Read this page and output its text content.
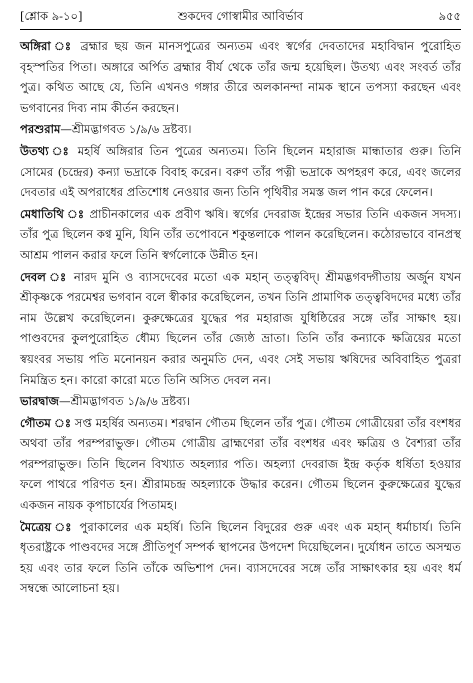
[শ্লোক ৯-১০]	৯৫৫
শুকদেব গোস্বামীর আবির্ভাব

অঙ্গিরা ঃ ব্রহ্মার ছয় জন মানসপুত্রের অন্যতম এবং স্বর্গের দেবতাদের মহাবিদ্বান পুরোহিত বৃহস্পতির পিতা। অঙ্গারে অর্পিত ব্রহ্মার বীর্য থেকে তাঁর জন্ম হয়েছিল। উতথ্য এবং সংবর্ত তাঁর পুত্র। কথিত আছে যে, তিনি এখনও গঙ্গার তীরে অলকানন্দা নামক স্থানে তপস্যা করছেন এবং ভগবানের দিব্য নাম কীর্তন করছেন।

পরশুরাম—শ্রীমদ্ভাগবত ১/৯/৬ দ্রষ্টব্য।

উতথ্য ঃ মহর্ষি অঙ্গিরার তিন পুত্রের অন্যতম। তিনি ছিলেন মহারাজ মান্ধাতার গুরু। তিনি সোমের (চন্দ্রের) কন্যা ভদ্রাকে বিবাহ করেন। বরুণ তাঁর পত্নী ভদ্রাকে অপহরণ করে, এবং জলের দেবতার এই অপরাধের প্রতিশোধ নেওয়ার জন্য তিনি পৃথিবীর সমস্ত জল পান করে ফেলেন।

মেধাতিথি ঃ প্রাচীনকালের এক প্রবীণ ঋষি। স্বর্গের দেবরাজ ইন্দ্রের সভার তিনি একজন সদস্য। তাঁর পুত্র ছিলেন কণ্ব মুনি, যিনি তাঁর তপোবনে শকুন্তলাকে পালন করেছিলেন। কঠোরভাবে বানপ্রস্থ আশ্রম পালন করার ফলে তিনি স্বর্গলোকে উন্নীত হন।

দেবল ঃ নারদ মুনি ও ব্যাসদেবের মতো এক মহান্ তত্ত্ববিদ্। শ্রীমদ্ভগবদ্গীতায় অর্জুন যখন শ্রীকৃষ্ণকে পরমেশ্বর ভগবান বলে স্বীকার করেছিলেন, তখন তিনি প্রামাণিক তত্ত্ববিদদের মধ্যে তাঁর নাম উল্লেখ করেছিলেন। কুরুক্ষেত্রের যুদ্ধের পর মহারাজ যুধিষ্ঠিরের সঙ্গে তাঁর সাক্ষাৎ হয়। পাণ্ডবদের কুলপুরোহিত ধৌম্য ছিলেন তাঁর জ্যেষ্ঠ ভ্রাতা। তিনি তাঁর কন্যাকে ক্ষত্রিয়ের মতো স্বয়ংবর সভায় পতি মনোনয়ন করার অনুমতি দেন, এবং সেই সভায় ঋষিদের অবিবাহিত পুত্ররা নিমন্ত্রিত হন। কারো কারো মতে তিনি অসিত দেবল নন।

ভারদ্বাজ—শ্রীমদ্ভাগবত ১/৯/৬ দ্রষ্টব্য।

গৌতম ঃ সপ্ত মহর্ষির অন্যতম। শরদ্বান গৌতম ছিলেন তাঁর পুত্র। গৌতম গোত্রীয়েরা তাঁর বংশধর অথবা তাঁর পরম্পরাভুক্ত। গৌতম গোত্রীয় ব্রাহ্মণেরা তাঁর বংশধর এবং ক্ষত্রিয় ও বৈশ্যরা তাঁর পরম্পরাভুক্ত। তিনি ছিলেন বিখ্যাত অহল্যার পতি। অহল্যা দেবরাজ ইন্দ্র কর্তৃক ধর্ষিতা হওয়ার ফলে পাথরে পরিণত হন। শ্রীরামচন্দ্র অহল্যাকে উদ্ধার করেন। গৌতম ছিলেন কুরুক্ষেত্রের যুদ্ধের একজন নায়ক কৃপাচার্যের পিতামহ।

মৈত্রেয় ঃ পুরাকালের এক মহর্ষি। তিনি ছিলেন বিদুরের গুরু এবং এক মহান্ ধর্মাচার্য। তিনি ধৃতরাষ্ট্রকে পাণ্ডবদের সঙ্গে প্রীতিপূর্ণ সম্পর্ক স্থাপনের উপদেশ দিয়েছিলেন। দুর্যোধন তাতে অসম্মত হয় এবং তার ফলে তিনি তাঁকে অভিশাপ দেন। ব্যাসদেবের সঙ্গে তাঁর সাক্ষাৎকার হয় এবং ধর্ম সম্বন্ধে আলোচনা হয়।
